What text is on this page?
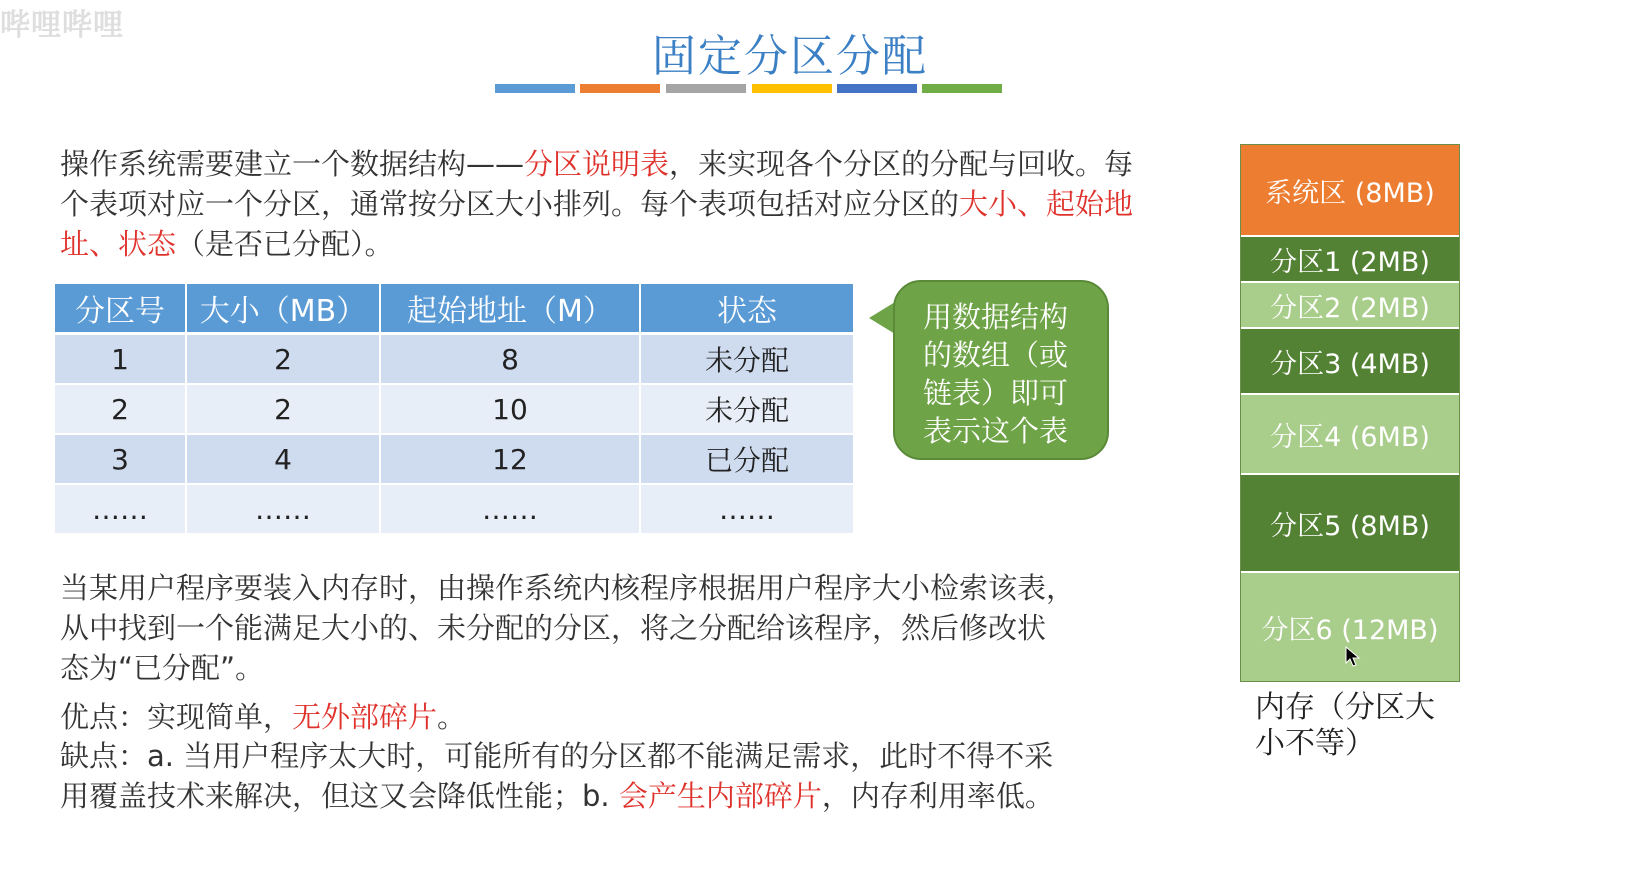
哔哩哔哩
固定分区分配

操作系统需要建立一个数据结构——分区说明表，来实现各个分区的分配与回收。每个表项对应一个分区，通常按分区大小排列。每个表项包括对应分区的大小、起始地址、状态（是否已分配）。

分区号	大小（MB）	起始地址（M）	状态
1	2	8	未分配
2	2	10	未分配
3	4	12	已分配
……	……	……	……
用数据结构
的数组（或
链表）即可
表示这个表
当某用户程序要装入内存时，由操作系统内核程序根据用户程序大小检索该表，
从中找到一个能满足大小的、未分配的分区，将之分配给该程序，然后修改状
态为“已分配”。
优点：实现简单，无外部碎片。
缺点：a. 当用户程序太大时，可能所有的分区都不能满足需求，此时不得不采
用覆盖技术来解决，但这又会降低性能；b. 会产生内部碎片，内存利用率低。
系统区 (8MB)
分区1 (2MB)
分区2 (2MB)
分区3 (4MB)
分区4 (6MB)
分区5 (8MB)
分区6 (12MB)
内存（分区大
小不等）
